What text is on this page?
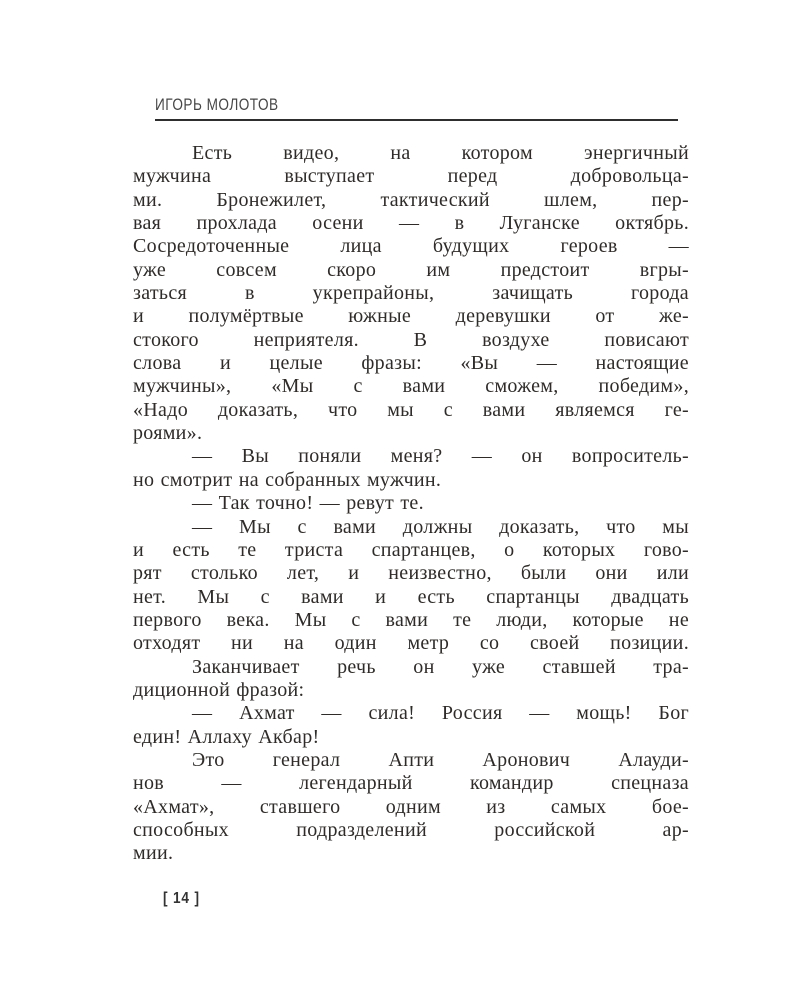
ИГОРЬ МОЛОТОВ
Есть видео, на котором энергичный
мужчина выступает перед добровольца-
ми. Бронежилет, тактический шлем, пер-
вая прохлада осени — в Луганске октябрь.
Сосредоточенные лица будущих героев —
уже совсем скоро им предстоит вгры-
заться в укрепрайоны, зачищать города
и полумёртвые южные деревушки от же-
стокого неприятеля. В воздухе повисают
слова и целые фразы: «Вы — настоящие
мужчины», «Мы с вами сможем, победим»,
«Надо доказать, что мы с вами являемся ге-
роями».
— Вы поняли меня? — он вопроситель-
но смотрит на собранных мужчин.
— Так точно! — ревут те.
— Мы с вами должны доказать, что мы
и есть те триста спартанцев, о которых гово-
рят столько лет, и неизвестно, были они или
нет. Мы с вами и есть спартанцы двадцать
первого века. Мы с вами те люди, которые не
отходят ни на один метр со своей позиции.
Заканчивает речь он уже ставшей тра-
диционной фразой:
— Ахмат — сила! Россия — мощь! Бог
един! Аллаху Акбар!
Это генерал Апти Аронович Алауди-
нов — легендарный командир спецназа
«Ахмат», ставшего одним из самых бое-
способных подразделений российской ар-
мии.
[ 14 ]
